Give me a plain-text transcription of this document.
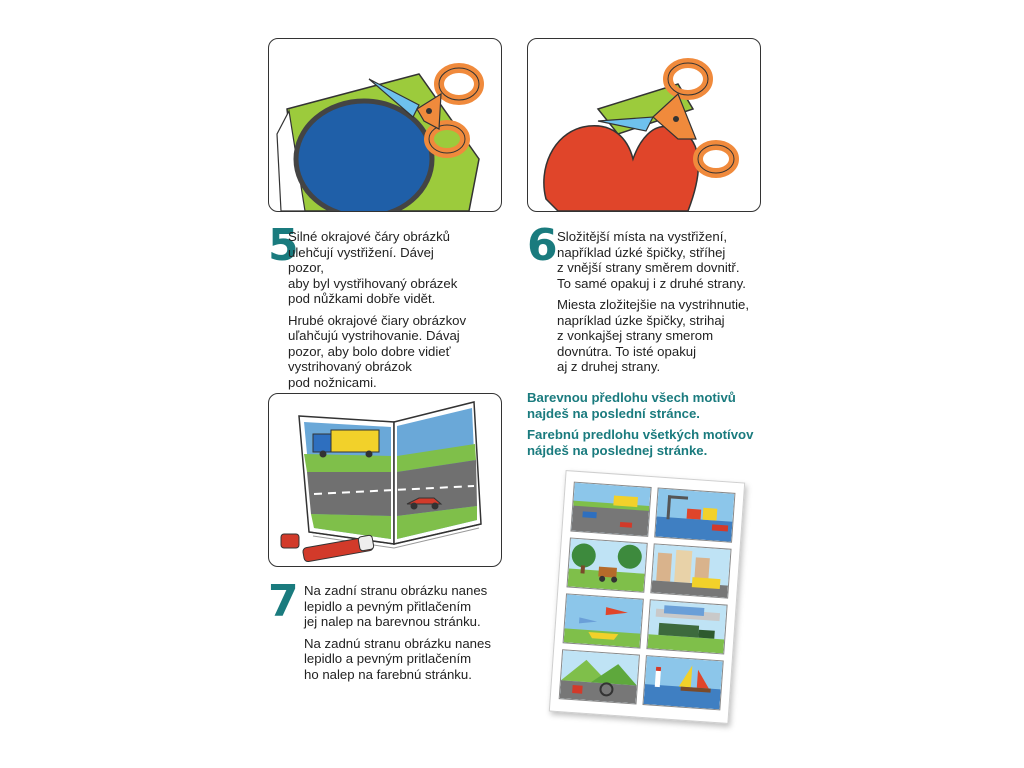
5	6
7

Silné okrajové čáry obrázků
ulehčují vystřižení. Dávej pozor,
aby byl vystřihovaný obrázek
pod nůžkami dobře vidět.

Hrubé okrajové čiary obrázkov
uľahčujú vystrihovanie. Dávaj
pozor, aby bolo dobre vidieť
vystrihovaný obrázok
pod nožnicami.

Složitější místa na vystřižení,
například úzké špičky, stříhej
z vnější strany směrem dovnitř.
To samé opakuj i z druhé strany.

Miesta zložitejšie na vystrihnutie,
napríklad úzke špičky, strihaj
z vonkajšej strany smerom
dovnútra. To isté opakuj
aj z druhej strany.

Na zadní stranu obrázku nanes
lepidlo a pevným přitlačením
jej nalep na barevnou stránku.

Na zadnú stranu obrázku nanes
lepidlo a pevným pritlačením
ho nalep na farebnú stránku.

Barevnou předlohu všech motivů
najdeš na poslední stránce.

Farebnú predlohu všetkých motívov
nájdeš na poslednej stránke.
